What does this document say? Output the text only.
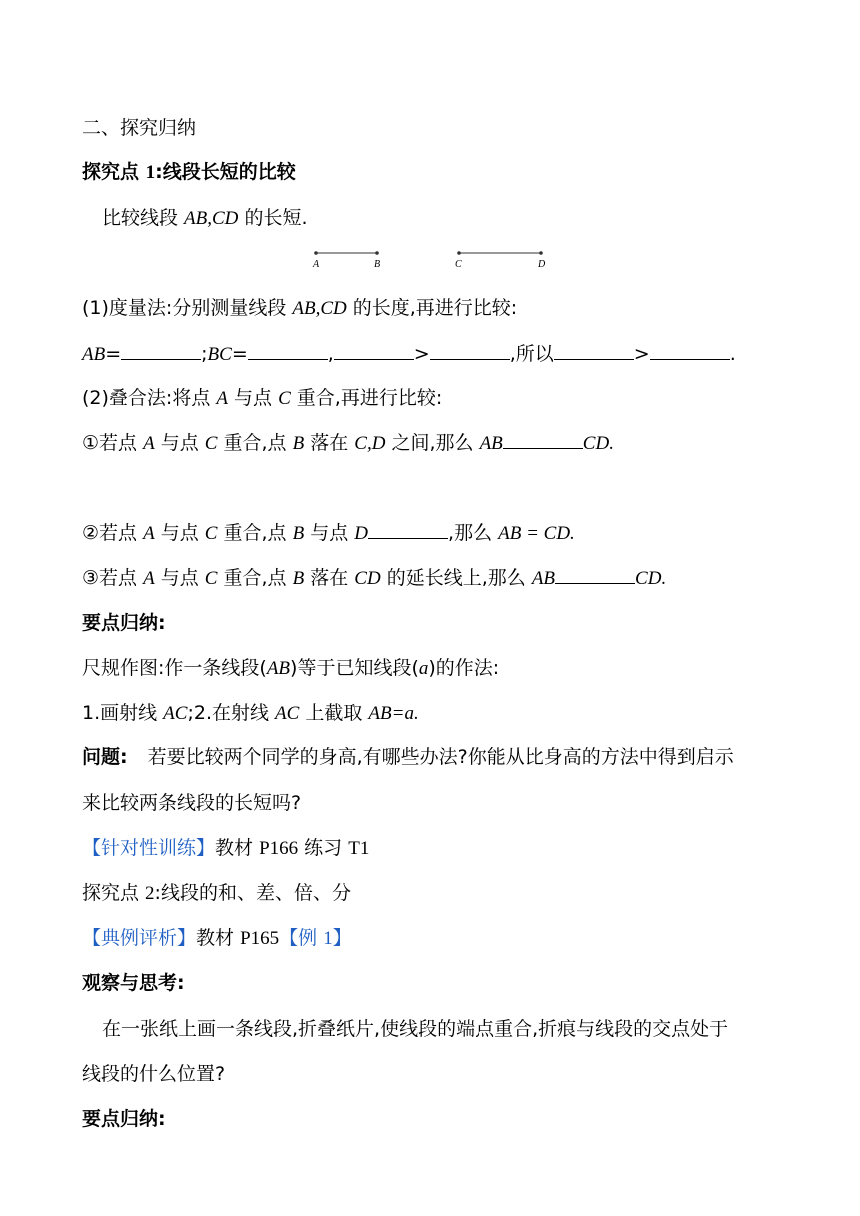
二、探究归纳
探究点 1:线段长短的比较
比较线段 AB,CD 的长短.
A	B	C	D
(1)度量法:分别测量线段 AB,CD 的长度,再进行比较:
AB=	;BC=	,	>	,所以	>	.
(2)叠合法:将点 A 与点 C 重合,再进行比较:
①若点 A 与点 C 重合,点 B 落在 C,D 之间,那么 AB	CD.
②若点 A 与点 C 重合,点 B 与点 D	,那么 AB = CD.
③若点 A 与点 C 重合,点 B 落在 CD 的延长线上,那么 AB	CD.
要点归纳:
尺规作图:作一条线段(AB)等于已知线段(a)的作法:
1.画射线 AC;2.在射线 AC 上截取 AB=a.
问题: 若要比较两个同学的身高,有哪些办法?你能从比身高的方法中得到启示
来比较两条线段的长短吗?
【针对性训练】教材 P166 练习 T1
探究点 2:线段的和、差、倍、分
【典例评析】教材 P165【例 1】
观察与思考:
在一张纸上画一条线段,折叠纸片,使线段的端点重合,折痕与线段的交点处于
线段的什么位置?
要点归纳:
